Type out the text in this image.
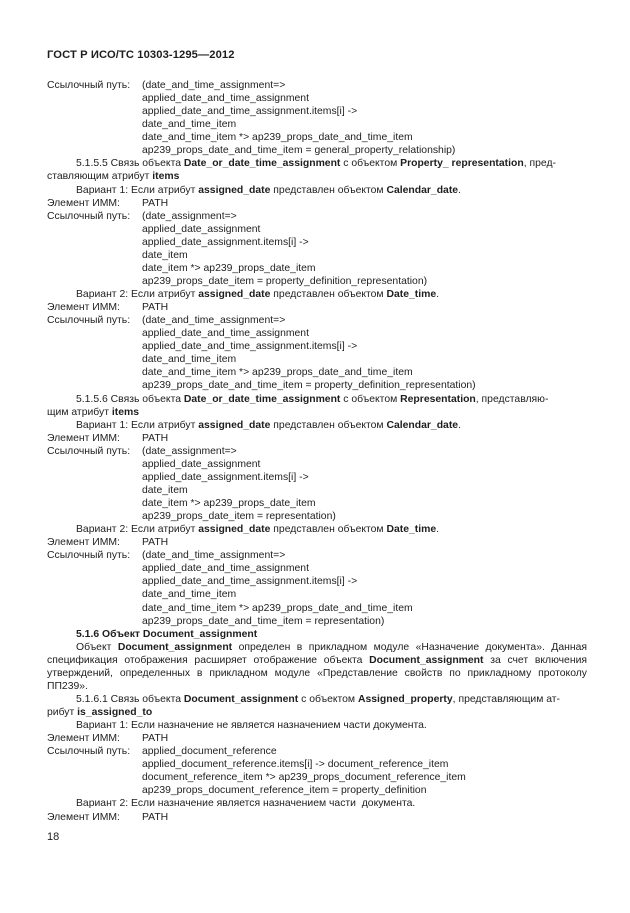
ГОСТ Р ИСО/ТС 10303-1295—2012
Ссылочный путь: (date_and_time_assignment=>
applied_date_and_time_assignment
applied_date_and_time_assignment.items[i] ->
date_and_time_item
date_and_time_item *> ap239_props_date_and_time_item
ap239_props_date_and_time_item = general_property_relationship)
5.1.5.5 Связь объекта Date_or_date_time_assignment с объектом Property_ representation, пред-
ставляющим атрибут items
Вариант 1: Если атрибут assigned_date представлен объектом Calendar_date.
Элемент ИММ: PATH
Ссылочный путь: (date_assignment=>
applied_date_assignment
applied_date_assignment.items[i] ->
date_item
date_item *> ap239_props_date_item
ap239_props_date_item = property_definition_representation)
Вариант 2: Если атрибут assigned_date представлен объектом Date_time.
Элемент ИММ: PATH
Ссылочный путь: (date_and_time_assignment=>
applied_date_and_time_assignment
applied_date_and_time_assignment.items[i] ->
date_and_time_item
date_and_time_item *> ap239_props_date_and_time_item
ap239_props_date_and_time_item = property_definition_representation)
5.1.5.6 Связь объекта Date_or_date_time_assignment с объектом Representation, представляю-
щим атрибут items
Вариант 1: Если атрибут assigned_date представлен объектом Calendar_date.
Элемент ИММ: PATH
Ссылочный путь: (date_assignment=>
applied_date_assignment
applied_date_assignment.items[i] ->
date_item
date_item *> ap239_props_date_item
ap239_props_date_item = representation)
Вариант 2: Если атрибут assigned_date представлен объектом Date_time.
Элемент ИММ: PATH
Ссылочный путь: (date_and_time_assignment=>
applied_date_and_time_assignment
applied_date_and_time_assignment.items[i] ->
date_and_time_item
date_and_time_item *> ap239_props_date_and_time_item
ap239_props_date_and_time_item = representation)
5.1.6 Объект Document_assignment
Объект Document_assignment определен в прикладном модуле «Назначение документа». Данная спецификация отображения расширяет отображение объекта Document_assignment за счет включения утверждений, определенных в прикладном модуле «Представление свойств по прикладному протоколу ПП239».
5.1.6.1 Связь объекта Document_assignment с объектом Assigned_property, представляющим ат-
рибут is_assigned_to
Вариант 1: Если назначение не является назначением части документа.
Элемент ИММ: PATH
Ссылочный путь: applied_document_reference
applied_document_reference.items[i] -> document_reference_item
document_reference_item *> ap239_props_document_reference_item
ap239_props_document_reference_item = property_definition
Вариант 2: Если назначение является назначением части  документа.
Элемент ИММ: PATH
18
